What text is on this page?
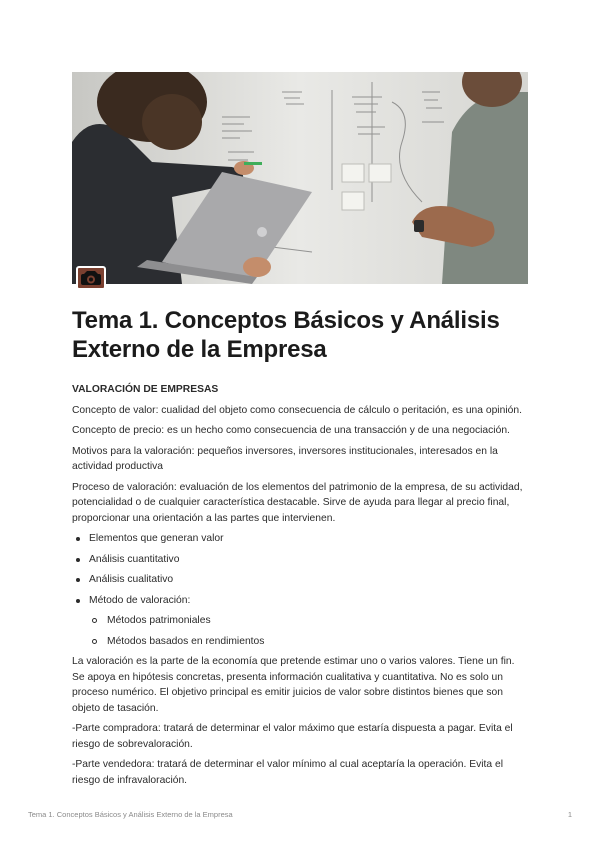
Tema 1. Conceptos Básicos y Análisis Externo de la Empresa

VALORACIÓN DE EMPRESAS

Concepto de valor: cualidad del objeto como consecuencia de cálculo o peritación, es una opinión.

Concepto de precio: es un hecho como consecuencia de una transacción y de una negociación.

Motivos para la valoración: pequeños inversores, inversores institucionales, interesados en la actividad productiva

Proceso de valoración: evaluación de los elementos del patrimonio de la empresa, de su actividad, potencialidad o de cualquier característica destacable. Sirve de ayuda para llegar al precio final, proporcionar una orientación a las partes que intervienen.

Elementos que generan valor
Análisis cuantitativo
Análisis cualitativo
Método de valoración:
Métodos patrimoniales
Métodos basados en rendimientos

La valoración es la parte de la economía que pretende estimar uno o varios valores. Tiene un fin. Se apoya en hipótesis concretas, presenta información cualitativa y cuantitativa. No es solo un proceso numérico. El objetivo principal es emitir juicios de valor sobre distintos bienes que son objeto de tasación.

-Parte compradora: tratará de determinar el valor máximo que estaría dispuesta a pagar. Evita el riesgo de sobrevaloración.

-Parte vendedora: tratará de determinar el valor mínimo al cual aceptaría la operación. Evita el riesgo de infravaloración.

Tema 1. Conceptos Básicos y Análisis Externo de la Empresa	1
